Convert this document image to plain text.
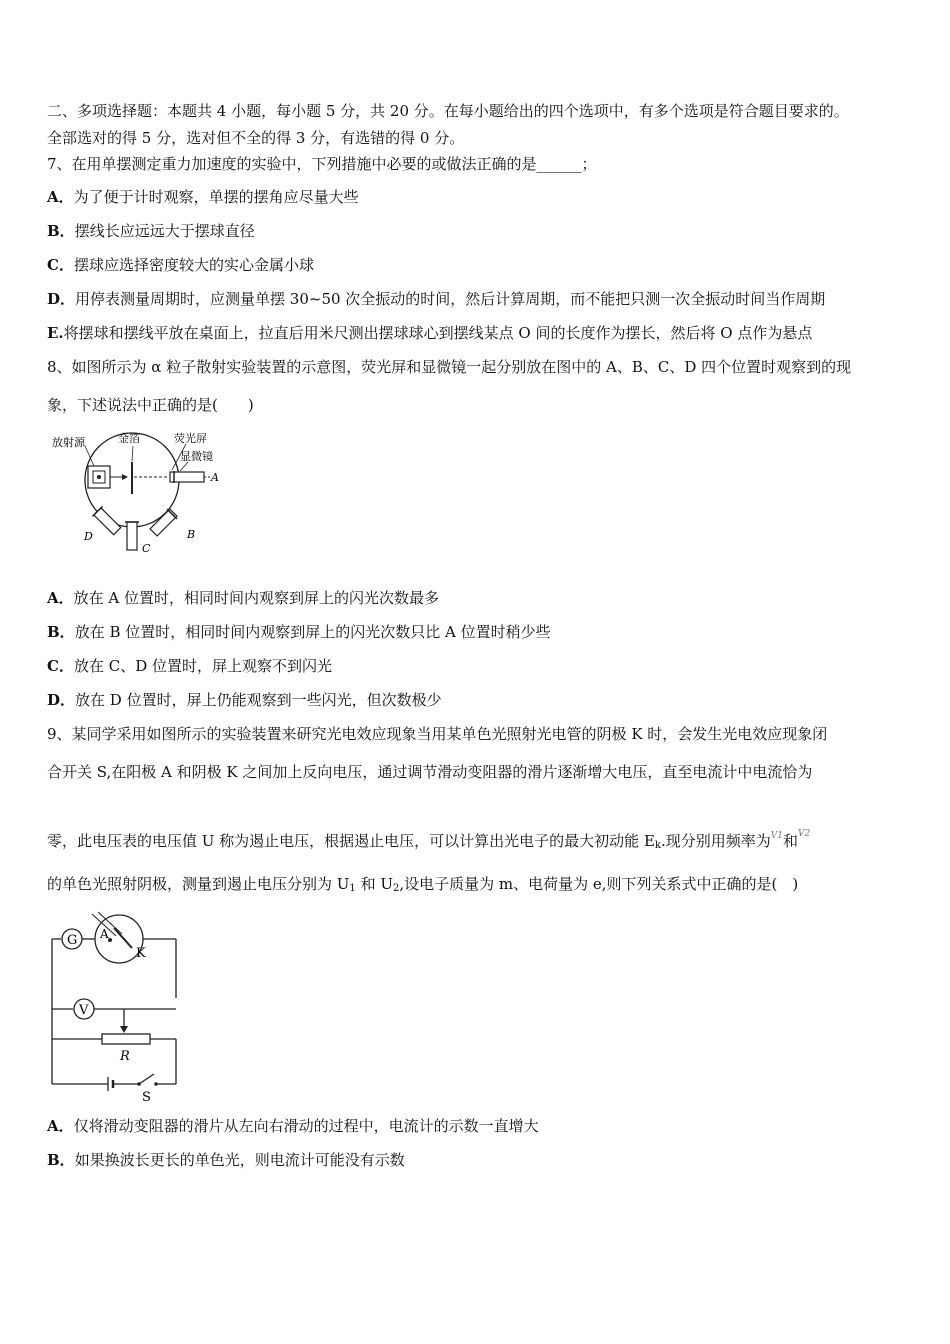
二、多项选择题：本题共 4 小题，每小题 5 分，共 20 分。在每小题给出的四个选项中，有多个选项是符合题目要求的。
全部选对的得 5 分，选对但不全的得 3 分，有选错的得 0 分。
7、在用单摆测定重力加速度的实验中，下列措施中必要的或做法正确的是______；
A．为了便于计时观察，单摆的摆角应尽量大些
B．摆线长应远远大于摆球直径
C．摆球应选择密度较大的实心金属小球
D．用停表测量周期时，应测量单摆 30~50 次全振动的时间，然后计算周期，而不能把只测一次全振动时间当作周期
E.将摆球和摆线平放在桌面上，拉直后用米尺测出摆球球心到摆线某点 O 间的长度作为摆长，然后将 O 点作为悬点
8、如图所示为 α 粒子散射实验装置的示意图，荧光屏和显微镜一起分别放在图中的 A、B、C、D 四个位置时观察到的现
象，下述说法中正确的是(　　)
放射源	金箔	荧光屏
显微镜
A
B
C
D
A．放在 A 位置时，相同时间内观察到屏上的闪光次数最多
B．放在 B 位置时，相同时间内观察到屏上的闪光次数只比 A 位置时稍少些
C．放在 C、D 位置时，屏上观察不到闪光
D．放在 D 位置时，屏上仍能观察到一些闪光，但次数极少
9、某同学采用如图所示的实验装置来研究光电效应现象当用某单色光照射光电管的阴极 K 时，会发生光电效应现象闭
合开关 S,在阳极 A 和阴极 K 之间加上反向电压，通过调节滑动变阻器的滑片逐渐增大电压，直至电流计中电流恰为
零，此电压表的电压值 U 称为遏止电压，根据遏止电压，可以计算出光电子的最大初动能 $E_k$.现分别用频率为$^{V1}$和$^{V2}$
的单色光照射阴极，测量到遏止电压分别为 $U_1$ 和 $U_2$,设电子质量为 m、电荷量为 e,则下列关系式中正确的是(　)
G A
K
V
R
S
A．仅将滑动变阻器的滑片从左向右滑动的过程中，电流计的示数一直增大
B．如果换波长更长的单色光，则电流计可能没有示数
